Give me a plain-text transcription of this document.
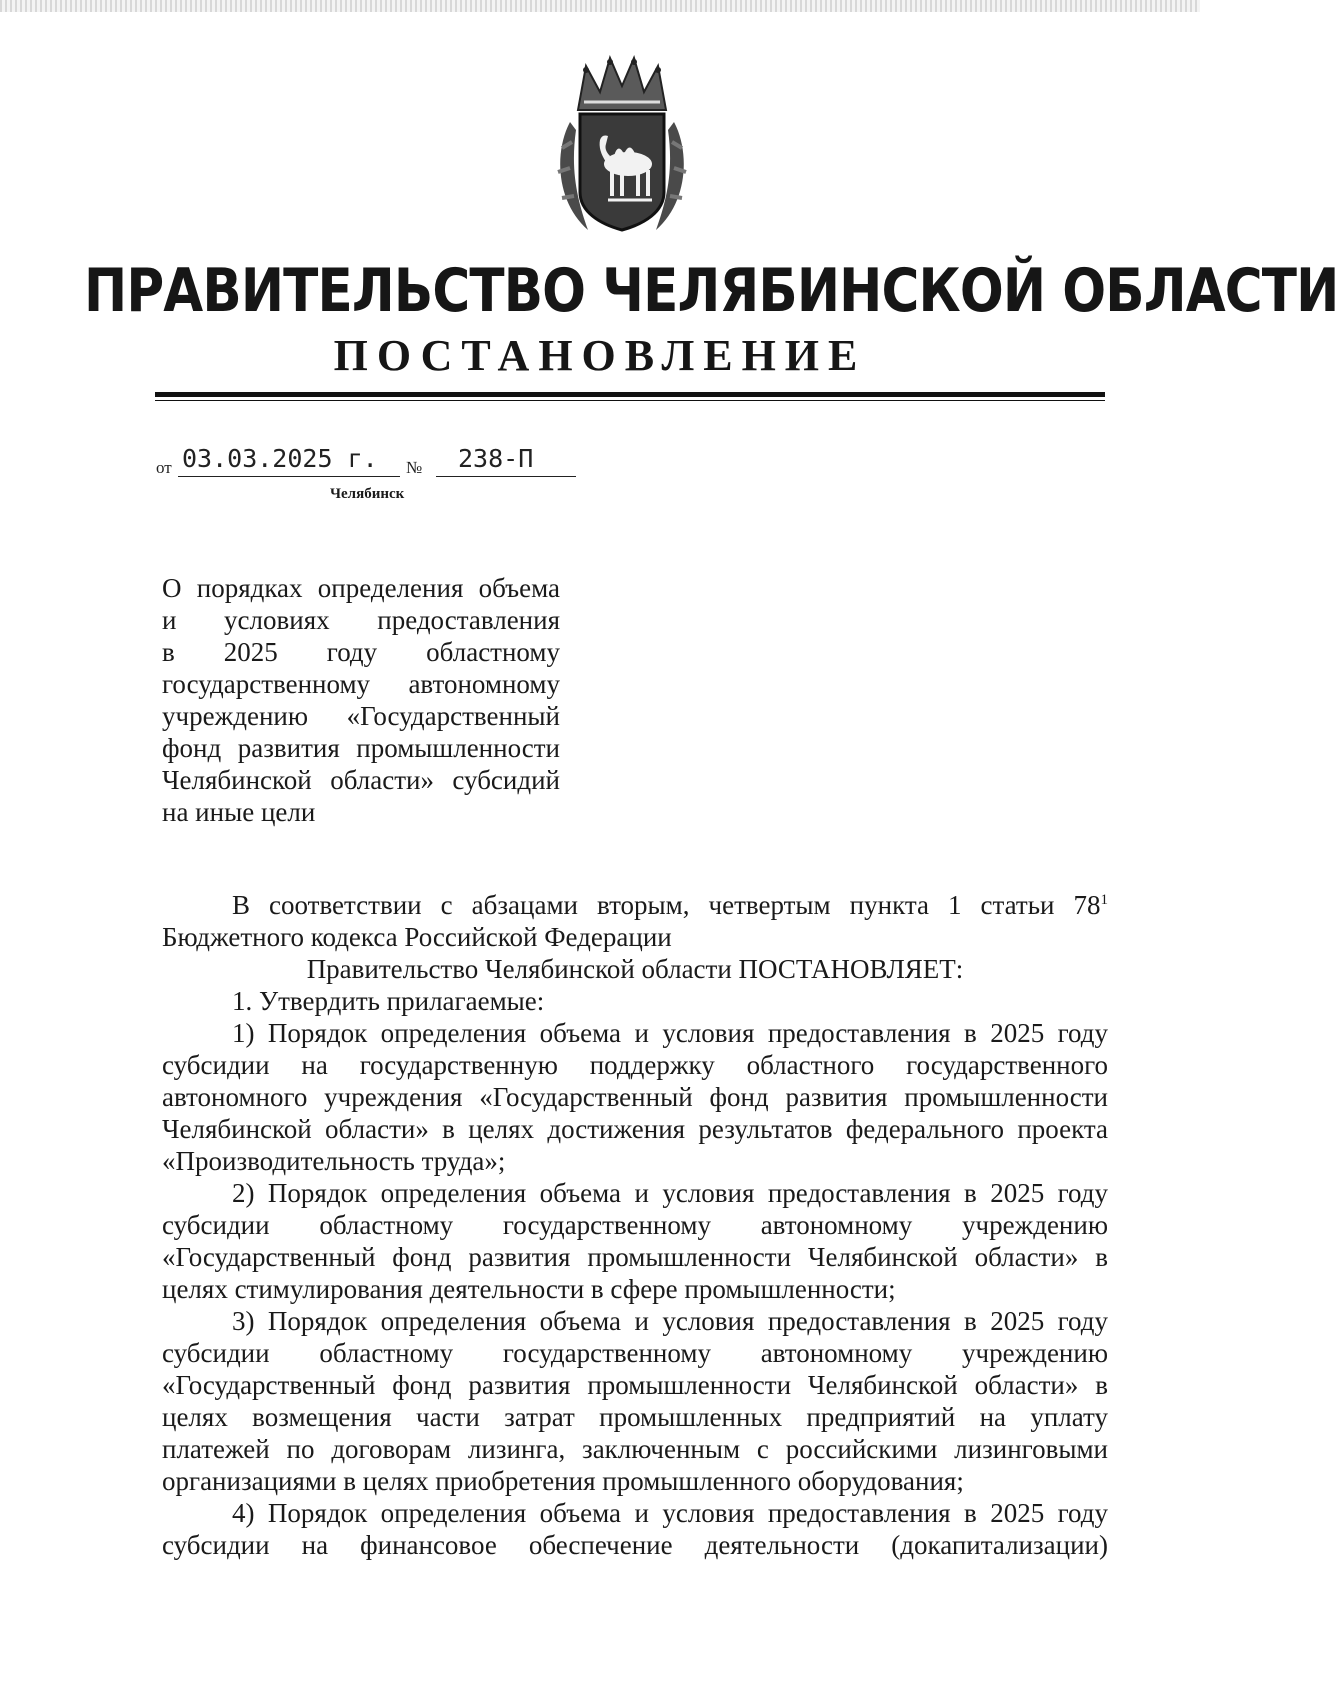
ПРАВИТЕЛЬСТВО ЧЕЛЯБИНСКОЙ ОБЛАСТИ
ПОСТАНОВЛЕНИЕ
от 03.03.2025 г. № 238-П
Челябинск
О порядках определения объема
и условиях предоставления
в 2025 году областному
государственному автономному
учреждению «Государственный
фонд развития промышленности
Челябинской области» субсидий
на иные цели
В соответствии с абзацами вторым, четвертым пункта 1 статьи $78^1$
Бюджетного кодекса Российской Федерации
Правительство Челябинской области ПОСТАНОВЛЯЕТ:
1. Утвердить прилагаемые:
1) Порядок определения объема и условия предоставления в 2025 году
субсидии на государственную поддержку областного государственного
автономного учреждения «Государственный фонд развития промышленности
Челябинской области» в целях достижения результатов федерального проекта
«Производительность труда»;
2) Порядок определения объема и условия предоставления в 2025 году
субсидии областному государственному автономному учреждению
«Государственный фонд развития промышленности Челябинской области» в
целях стимулирования деятельности в сфере промышленности;
3) Порядок определения объема и условия предоставления в 2025 году
субсидии областному государственному автономному учреждению
«Государственный фонд развития промышленности Челябинской области» в
целях возмещения части затрат промышленных предприятий на уплату
платежей по договорам лизинга, заключенным с российскими лизинговыми
организациями в целях приобретения промышленного оборудования;
4) Порядок определения объема и условия предоставления в 2025 году
субсидии на финансовое обеспечение деятельности (докапитализации)
